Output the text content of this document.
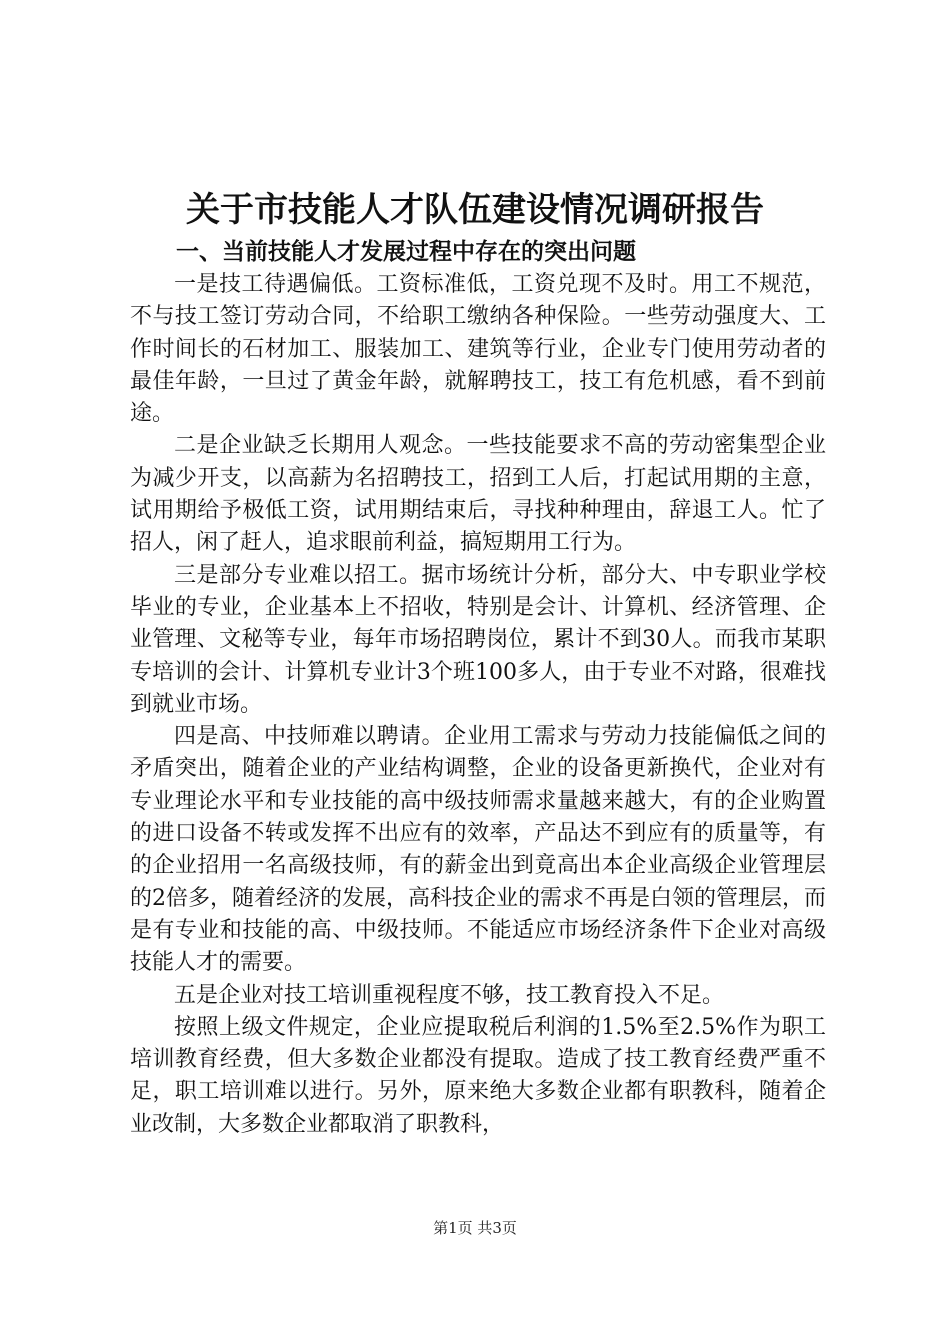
关于市技能人才队伍建设情况调研报告
一、当前技能人才发展过程中存在的突出问题

一是技工待遇偏低。工资标准低，工资兑现不及时。用工不规范，不与技工签订劳动合同，不给职工缴纳各种保险。一些劳动强度大、工作时间长的石材加工、服装加工、建筑等行业，企业专门使用劳动者的最佳年龄，一旦过了黄金年龄，就解聘技工，技工有危机感，看不到前途。

二是企业缺乏长期用人观念。一些技能要求不高的劳动密集型企业为减少开支，以高薪为名招聘技工，招到工人后，打起试用期的主意，试用期给予极低工资，试用期结束后，寻找种种理由，辞退工人。忙了招人，闲了赶人，追求眼前利益，搞短期用工行为。

三是部分专业难以招工。据市场统计分析，部分大、中专职业学校毕业的专业，企业基本上不招收，特别是会计、计算机、经济管理、企业管理、文秘等专业，每年市场招聘岗位，累计不到30人。而我市某职专培训的会计、计算机专业计3个班100多人，由于专业不对路，很难找到就业市场。

四是高、中技师难以聘请。企业用工需求与劳动力技能偏低之间的矛盾突出，随着企业的产业结构调整，企业的设备更新换代，企业对有专业理论水平和专业技能的高中级技师需求量越来越大，有的企业购置的进口设备不转或发挥不出应有的效率，产品达不到应有的质量等，有的企业招用一名高级技师，有的薪金出到竟高出本企业高级企业管理层的2倍多，随着经济的发展，高科技企业的需求不再是白领的管理层，而是有专业和技能的高、中级技师。不能适应市场经济条件下企业对高级技能人才的需要。

五是企业对技工培训重视程度不够，技工教育投入不足。

按照上级文件规定，企业应提取税后利润的1.5%至2.5%作为职工培训教育经费，但大多数企业都没有提取。造成了技工教育经费严重不足，职工培训难以进行。另外，原来绝大多数企业都有职教科，随着企业改制，大多数企业都取消了职教科，

第1页 共3页
